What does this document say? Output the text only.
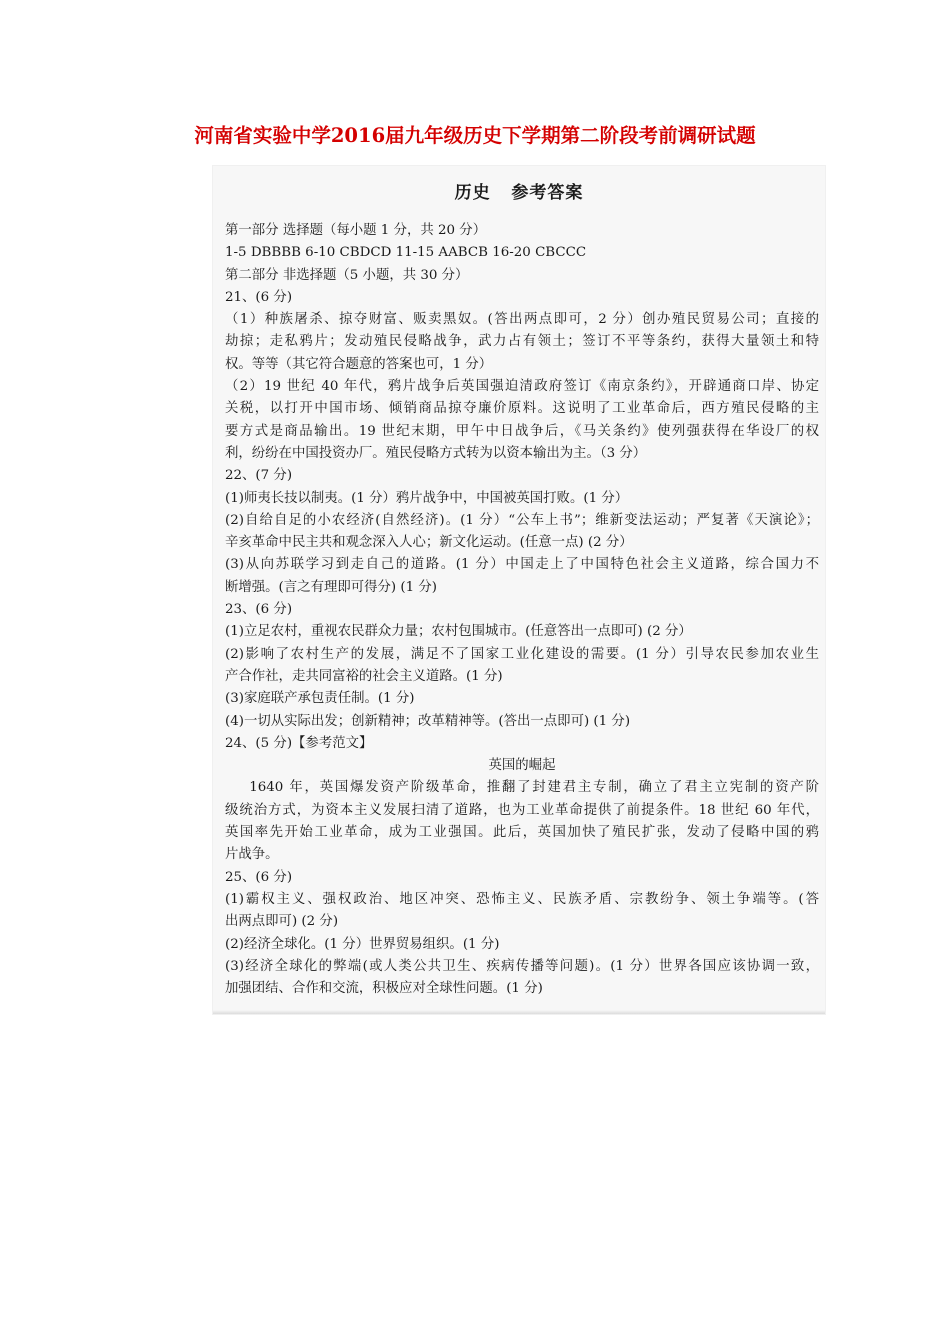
河南省实验中学2016届九年级历史下学期第二阶段考前调研试题
历史   参考答案
第一部分 选择题（每小题 1 分，共 20 分）
1-5 DBBBB 6-10 CBDCD 11-15 AABCB 16-20 CBCCC
第二部分 非选择题（5 小题，共 30 分）
21、(6 分)
（1）种族屠杀、掠夺财富、贩卖黑奴。(答出两点即可，2 分）创办殖民贸易公司；直接的
劫掠；走私鸦片；发动殖民侵略战争，武力占有领土；签订不平等条约，获得大量领土和特
权。等等（其它符合题意的答案也可，1 分）
（2）19 世纪 40 年代，鸦片战争后英国强迫清政府签订《南京条约》，开辟通商口岸、协定
关税，以打开中国市场、倾销商品掠夺廉价原料。这说明了工业革命后，西方殖民侵略的主
要方式是商品输出。19 世纪末期，甲午中日战争后，《马关条约》使列强获得在华设厂的权
利，纷纷在中国投资办厂。殖民侵略方式转为以资本输出为主。（3 分）
22、(7 分)
(1)师夷长技以制夷。(1 分）鸦片战争中，中国被英国打败。(1 分）
(2)自给自足的小农经济(自然经济)。(1 分）“公车上书”；维新变法运动；严复著《天演论》；
辛亥革命中民主共和观念深入人心；新文化运动。(任意一点) (2 分）
(3)从向苏联学习到走自己的道路。(1 分）中国走上了中国特色社会主义道路，综合国力不
断增强。(言之有理即可得分) (1 分)
23、(6 分)
(1)立足农村，重视农民群众力量；农村包围城市。(任意答出一点即可) (2 分）
(2)影响了农村生产的发展，满足不了国家工业化建设的需要。(1 分）引导农民参加农业生
产合作社，走共同富裕的社会主义道路。(1 分)
(3)家庭联产承包责任制。(1 分)
(4)一切从实际出发；创新精神；改革精神等。(答出一点即可) (1 分)
24、(5 分)【参考范文】
英国的崛起
1640 年，英国爆发资产阶级革命，推翻了封建君主专制，确立了君主立宪制的资产阶
级统治方式，为资本主义发展扫清了道路，也为工业革命提供了前提条件。18 世纪 60 年代，
英国率先开始工业革命，成为工业强国。此后，英国加快了殖民扩张，发动了侵略中国的鸦
片战争。
25、(6 分)
(1)霸权主义、强权政治、地区冲突、恐怖主义、民族矛盾、宗教纷争、领土争端等。(答
出两点即可) (2 分)
(2)经济全球化。(1 分）世界贸易组织。(1 分)
(3)经济全球化的弊端(或人类公共卫生、疾病传播等问题)。(1 分）世界各国应该协调一致，
加强团结、合作和交流，积极应对全球性问题。(1 分)
